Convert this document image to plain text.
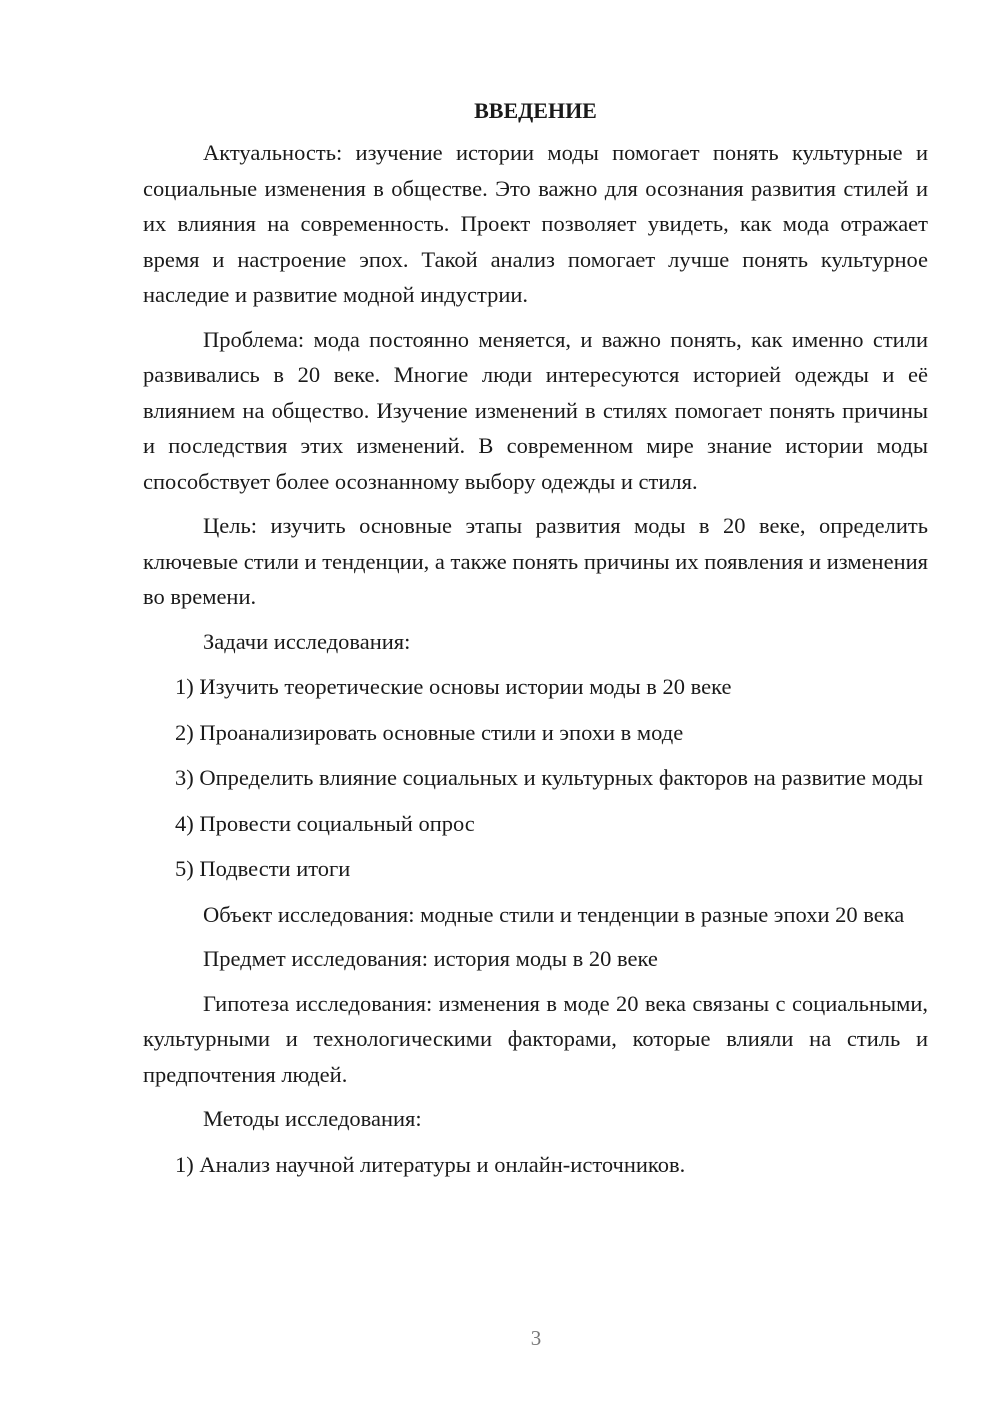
ВВЕДЕНИЕ

Актуальность: изучение истории моды помогает понять культурные и социальные изменения в обществе. Это важно для осознания развития стилей и их влияния на современность. Проект позволяет увидеть, как мода отражает время и настроение эпох. Такой анализ помогает лучше понять культурное наследие и развитие модной индустрии.

Проблема: мода постоянно меняется, и важно понять, как именно стили развивались в 20 веке. Многие люди интересуются историей одежды и её влиянием на общество. Изучение изменений в стилях помогает понять причины и последствия этих изменений. В современном мире знание истории моды способствует более осознанному выбору одежды и стиля.

Цель: изучить основные этапы развития моды в 20 веке, определить ключевые стили и тенденции, а также понять причины их появления и изменения во времени.

Задачи исследования:

1) Изучить теоретические основы истории моды в 20 веке

2) Проанализировать основные стили и эпохи в моде

3) Определить влияние социальных и культурных факторов на развитие моды

4) Провести социальный опрос

5) Подвести итоги

Объект исследования: модные стили и тенденции в разные эпохи 20 века

Предмет исследования: история моды в 20 веке

Гипотеза исследования: изменения в моде 20 века связаны с социальными, культурными и технологическими факторами, которые влияли на стиль и предпочтения людей.

Методы исследования:

1) Анализ научной литературы и онлайн-источников.

3
